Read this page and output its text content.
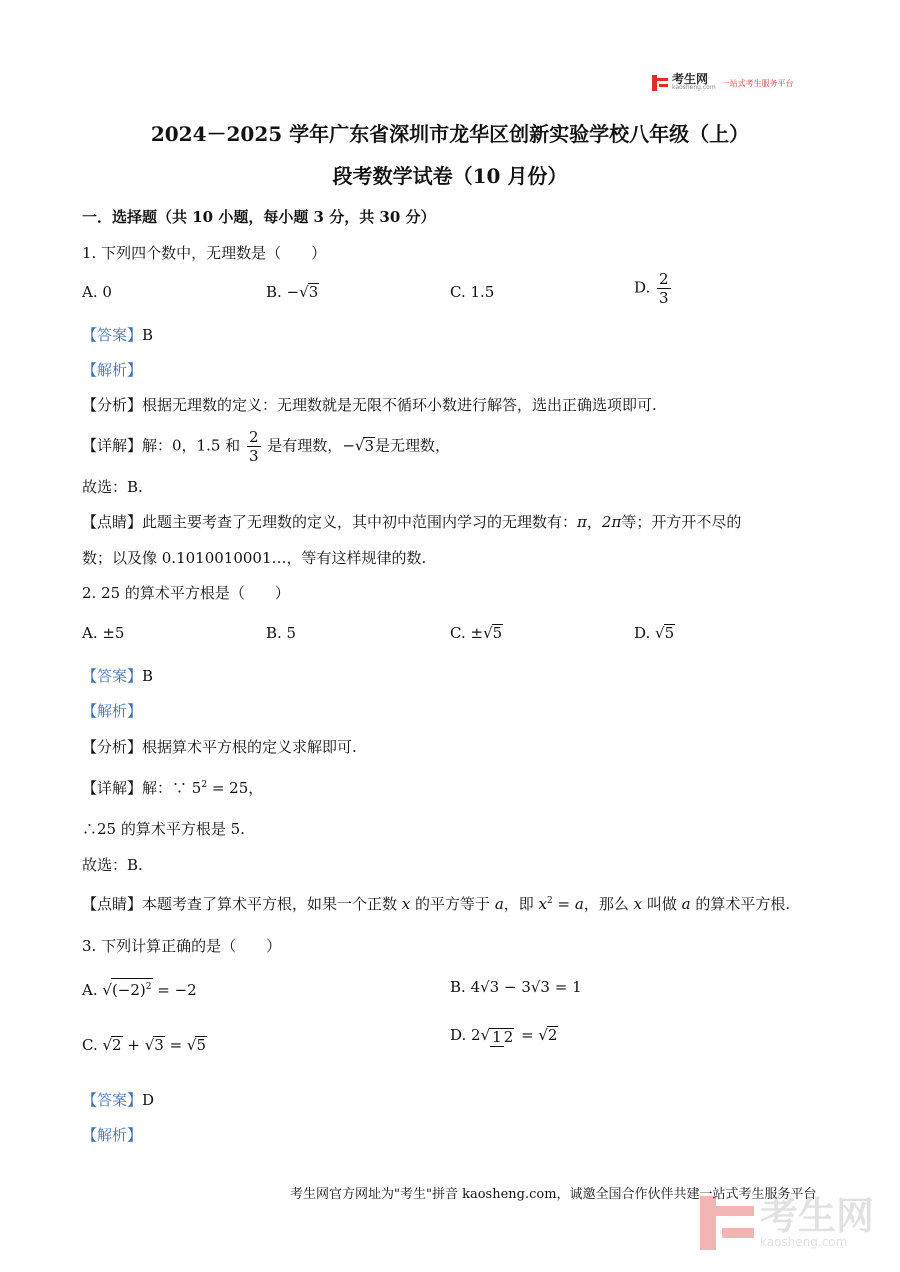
考生网
kaosheng.com 一站式考生服务平台
2024－2025 学年广东省深圳市龙华区创新实验学校八年级（上）
段考数学试卷（10 月份）
一．选择题（共 10 小题，每小题 3 分，共 30 分）
1. 下列四个数中，无理数是（　　）
A. 0	B. −√3	C. 1.5	D. $\frac{2}{3}$
【答案】B
【解析】
【分析】根据无理数的定义：无理数就是无限不循环小数进行解答，选出正确选项即可.
【详解】解：0，1.5 和 $\frac{2}{3}$ 是有理数，−√3是无理数，
故选：B.
【点睛】此题主要考查了无理数的定义，其中初中范围内学习的无理数有：π，2π等；开方开不尽的
数；以及像 0.1010010001…，等有这样规律的数.
2. 25 的算术平方根是（　　）
A. ±5	B. 5	C. ±√5	D. √5
【答案】B
【解析】
【分析】根据算术平方根的定义求解即可.
【详解】解：∵ $5^2 = 25$，
∴25 的算术平方根是 5.
故选：B.
【点睛】本题考查了算术平方根，如果一个正数 x 的平方等于 a，即 $x^2 = a$，那么 x 叫做 a 的算术平方根.
3. 下列计算正确的是（　　）
A. $√(-2)^2 = -2$	B. 4√3 − 3√3 = 1
C. √2 + √3 = √5
D. 2√ 1 2 = √2
【答案】D
【解析】
考生网官方网址为"考生"拼音 kaosheng.com，诚邀全国合作伙伴共建一站式考生服务平台
考生网
kaosheng.com
